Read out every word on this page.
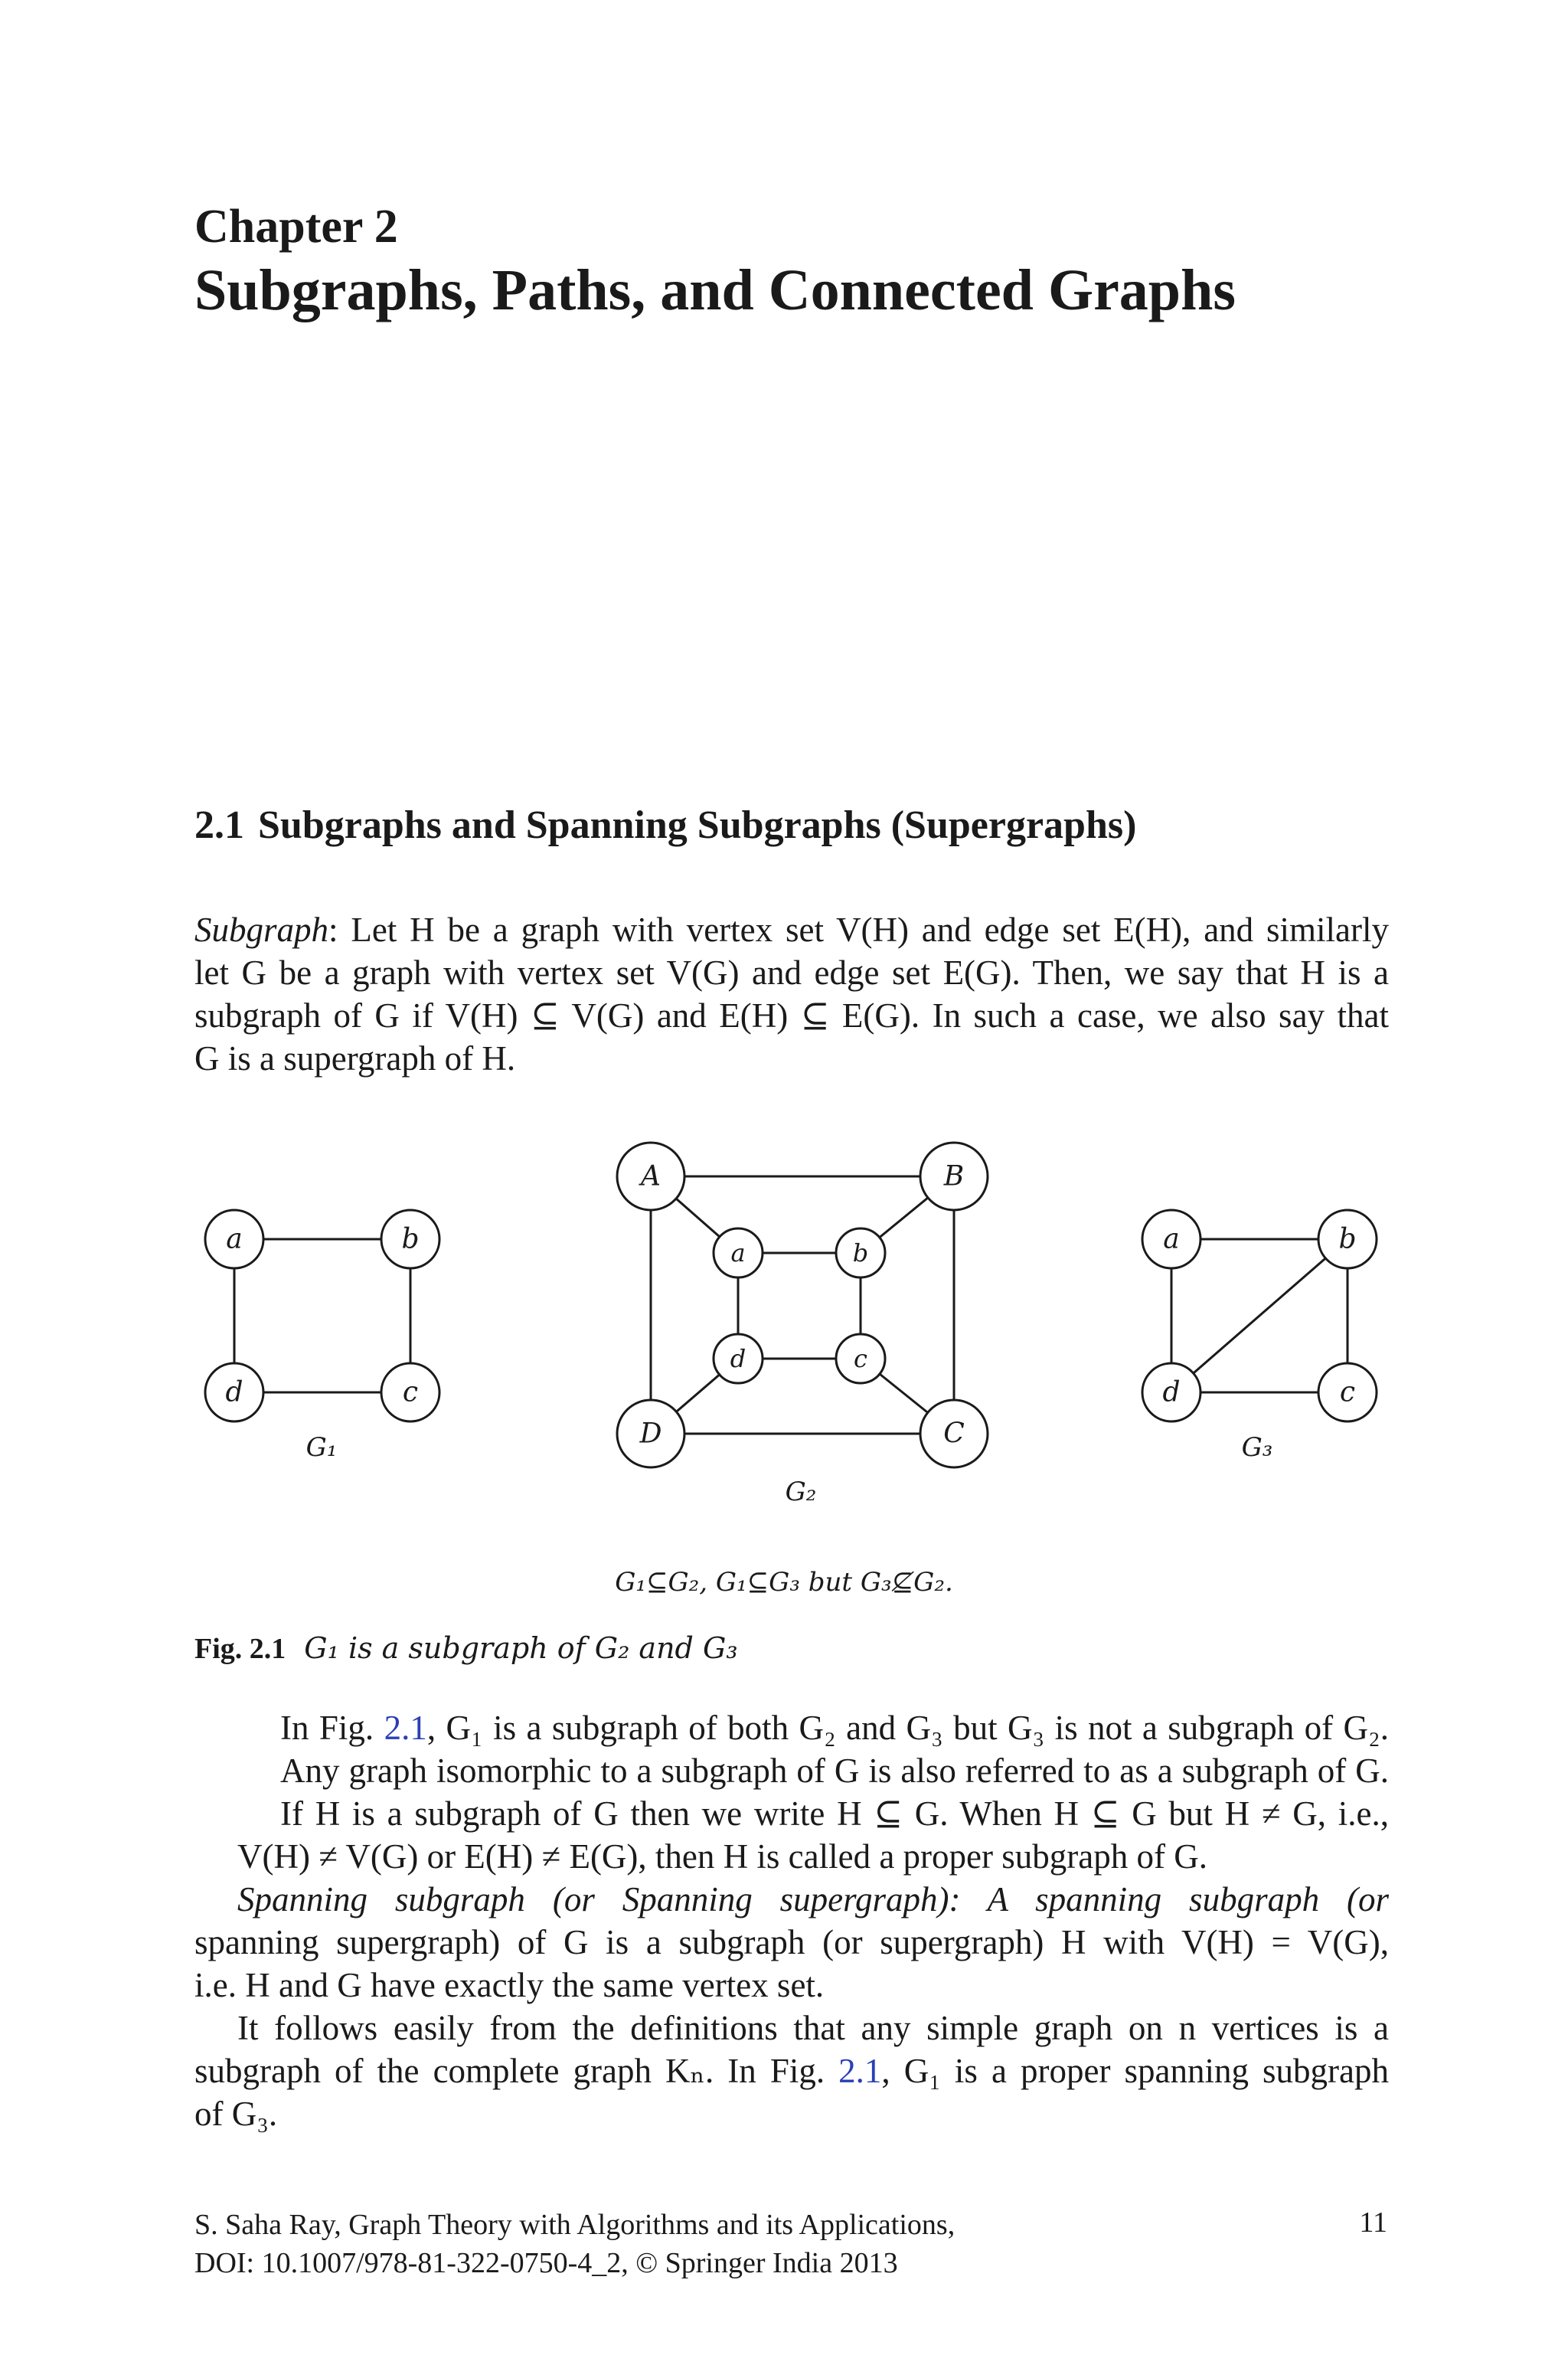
Chapter 2
Subgraphs, Paths, and Connected Graphs
2.1 Subgraphs and Spanning Subgraphs (Supergraphs)
Subgraph: Let H be a graph with vertex set V(H) and edge set E(H), and similarly
let G be a graph with vertex set V(G) and edge set E(G). Then, we say that H is a
subgraph of G if V(H) ⊆ V(G) and E(H) ⊆ E(G). In such a case, we also say that
G is a supergraph of H.
a	b
c
d
A	B
C
D
a	b
c
d
a	b
c
d
G₁
G₂
G₃
G₁⊆G₂, G₁⊆G₃ but G₃⊈G₂.
Fig. 2.1 G₁ is a subgraph of G₂ and G₃
In Fig. 2.1, G₁ is a subgraph of both G₂ and G₃ but G₃ is not a subgraph of G₂.
Any graph isomorphic to a subgraph of G is also referred to as a subgraph of G.
If H is a subgraph of G then we write H ⊆ G. When H ⊆ G but H ≠ G, i.e.,
V(H) ≠ V(G) or E(H) ≠ E(G), then H is called a proper subgraph of G.
Spanning subgraph (or Spanning supergraph): A spanning subgraph (or
spanning supergraph) of G is a subgraph (or supergraph) H with V(H) = V(G),
i.e. H and G have exactly the same vertex set.
It follows easily from the definitions that any simple graph on n vertices is a
subgraph of the complete graph Kₙ. In Fig. 2.1, G₁ is a proper spanning subgraph
of G₃.
S. Saha Ray, Graph Theory with Algorithms and its Applications,
DOI: 10.1007/978-81-322-0750-4_2, © Springer India 2013
11
